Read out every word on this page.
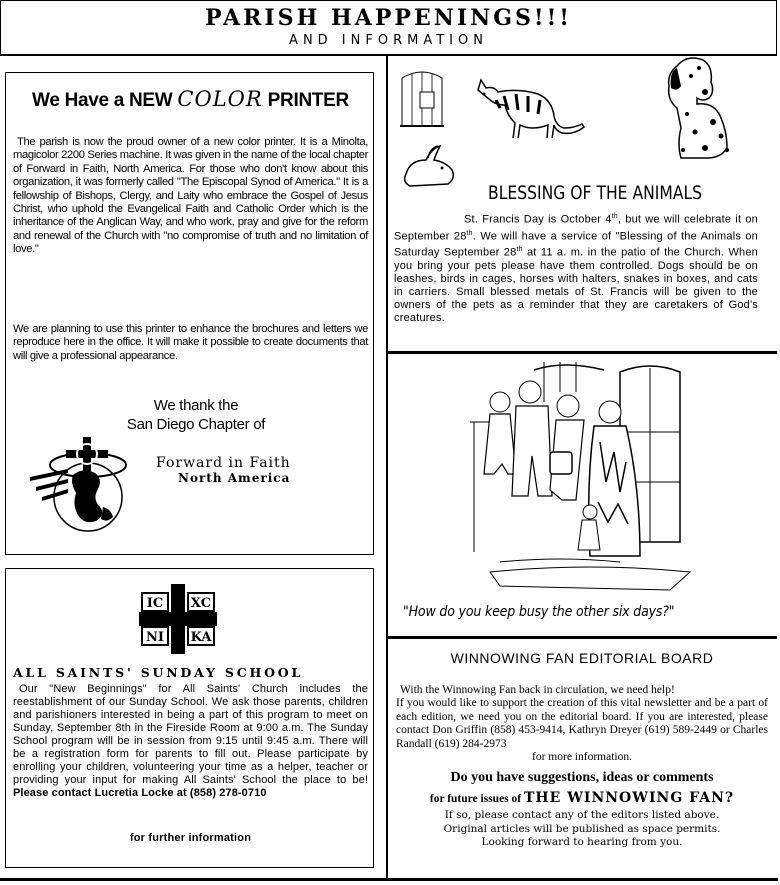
PARISH HAPPENINGS!!!
AND INFORMATION
We Have a NEW COLOR PRINTER

The parish is now the proud owner of a new color printer. It is a Minolta, magicolor 2200 Series machine. It was given in the name of the local chapter of Forward in Faith, North America. For those who don't know about this organization, it was formerly called "The Episcopal Synod of America." It is a fellowship of Bishops, Clergy, and Laity who embrace the Gospel of Jesus Christ, who uphold the Evangelical Faith and Catholic Order which is the inheritance of the Anglican Way, and who work, pray and give for the reform and renewal of the Church with "no compromise of truth and no limitation of love."

We are planning to use this printer to enhance the brochures and letters we reproduce here in the office. It will make it possible to create documents that will give a professional appearance.

We thank the
San Diego Chapter of
Forward in Faith
North America
BLESSING OF THE ANIMALS

St. Francis Day is October 4th, but we will celebrate it on September 28th. We will have a service of "Blessing of the Animals on Saturday September 28th at 11 a. m. in the patio of the Church. When you bring your pets please have them controlled. Dogs should be on leashes, birds in cages, horses with halters, snakes in boxes, and cats in carriers. Small blessed metals of St. Francis will be given to the owners of the pets as a reminder that they are caretakers of God's creatures.

"How do you keep busy the other six days?"
IC XC
NI KA
ALL SAINTS' SUNDAY SCHOOL

Our "New Beginnings" for All Saints' Church includes the reestablishment of our Sunday School. We ask those parents, children and parishioners interested in being a part of this program to meet on Sunday, September 8th in the Fireside Room at 9:00 a.m. The Sunday School program will be in session from 9:15 until 9:45 a.m. There will be a registration form for parents to fill out. Please participate by enrolling your children, volunteering your time as a helper, teacher or providing your input for making All Saints' School the place to be! Please contact Lucretia Locke at (858) 278-0710

for further information
WINNOWING FAN EDITORIAL BOARD

With the Winnowing Fan back in circulation, we need help!

If you would like to support the creation of this vital newsletter and be a part of each edition, we need you on the editorial board. If you are interested, please contact Don Griffin (858) 453-9414, Kathryn Dreyer (619) 589-2449 or Charles Randall (619) 284-2973

for more information.

Do you have suggestions, ideas or comments

for future issues of THE WINNOWING FAN?

If so, please contact any of the editors listed above.

Original articles will be published as space permits.

Looking forward to hearing from you.
